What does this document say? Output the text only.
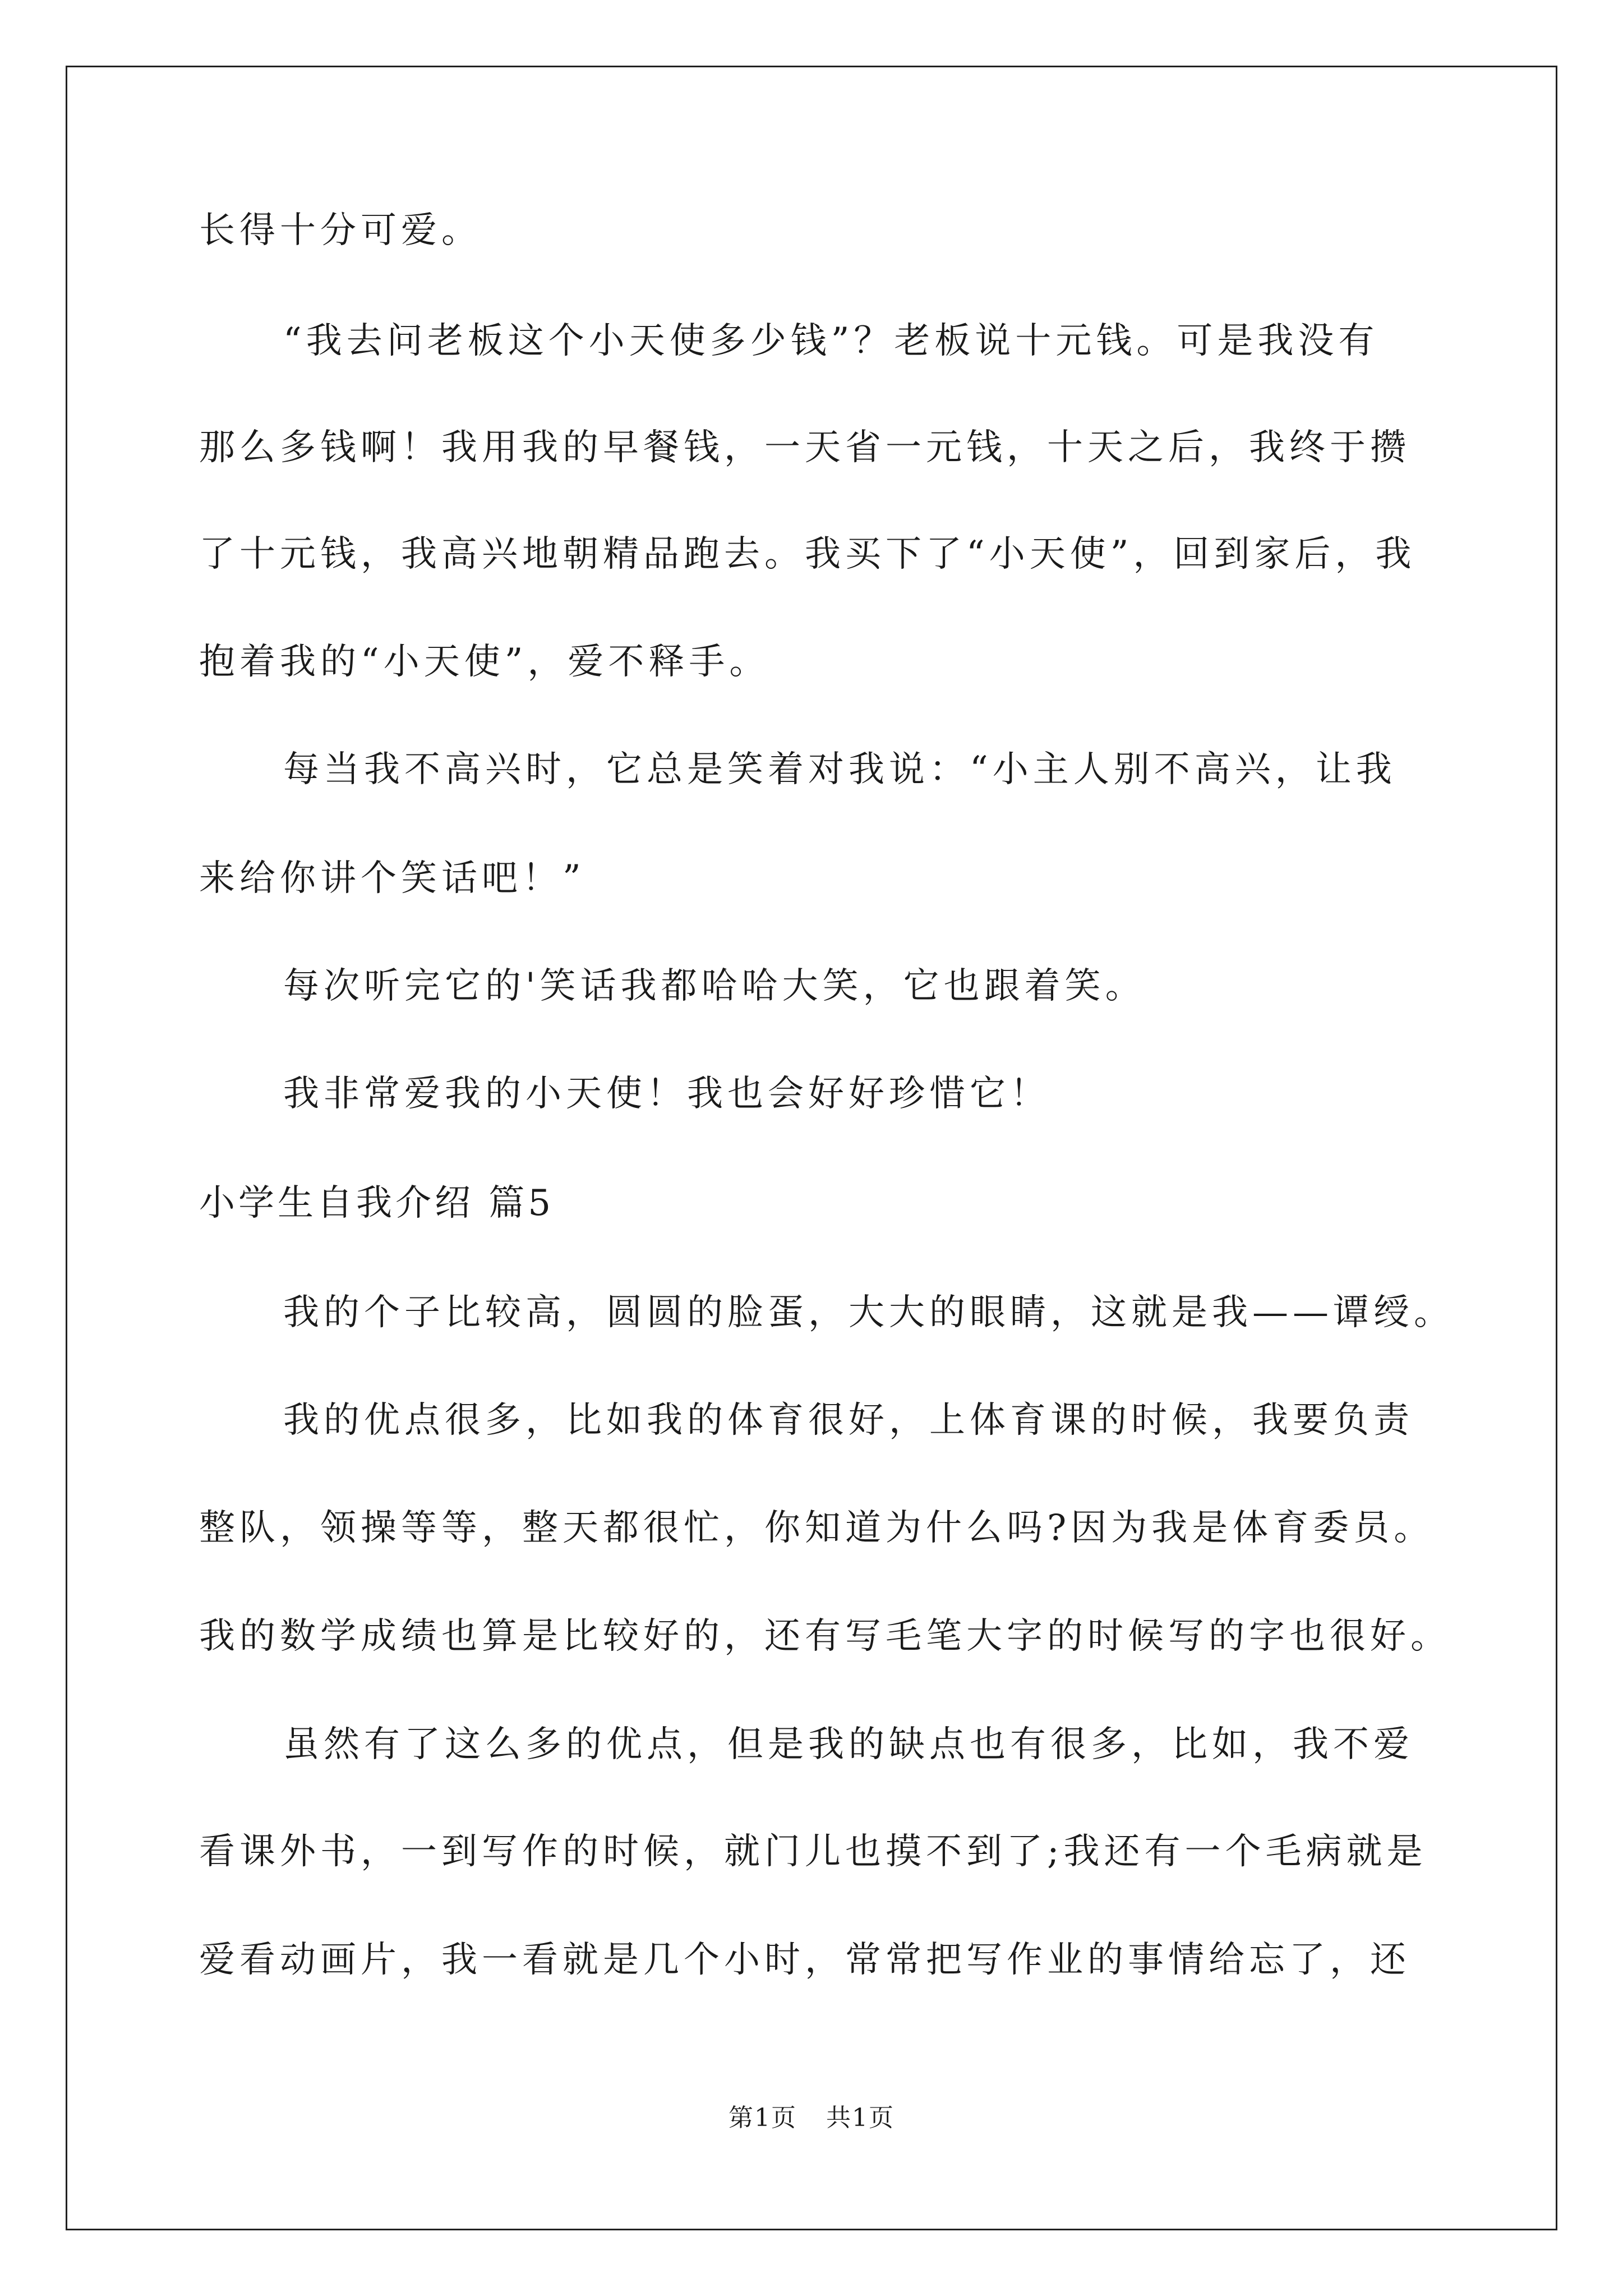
长得十分可爱。
“我去问老板这个小天使多少钱”？老板说十元钱。可是我没有
那么多钱啊！我用我的早餐钱，一天省一元钱，十天之后，我终于攒
了十元钱，我高兴地朝精品跑去。我买下了“小天使”，回到家后，我
抱着我的“小天使”，爱不释手。
每当我不高兴时，它总是笑着对我说：“小主人别不高兴，让我
来给你讲个笑话吧！”
每次听完它的'笑话我都哈哈大笑，它也跟着笑。
我非常爱我的小天使！我也会好好珍惜它！
小学生自我介绍 篇5
我的个子比较高，圆圆的脸蛋，大大的眼睛，这就是我——谭绶。
我的优点很多，比如我的体育很好，上体育课的时候，我要负责
整队，领操等等，整天都很忙，你知道为什么吗?因为我是体育委员。
我的数学成绩也算是比较好的，还有写毛笔大字的时候写的字也很好。
虽然有了这么多的优点，但是我的缺点也有很多，比如，我不爱
看课外书，一到写作的时候，就门儿也摸不到了;我还有一个毛病就是
爱看动画片，我一看就是几个小时，常常把写作业的事情给忘了，还
第1页 共1页
